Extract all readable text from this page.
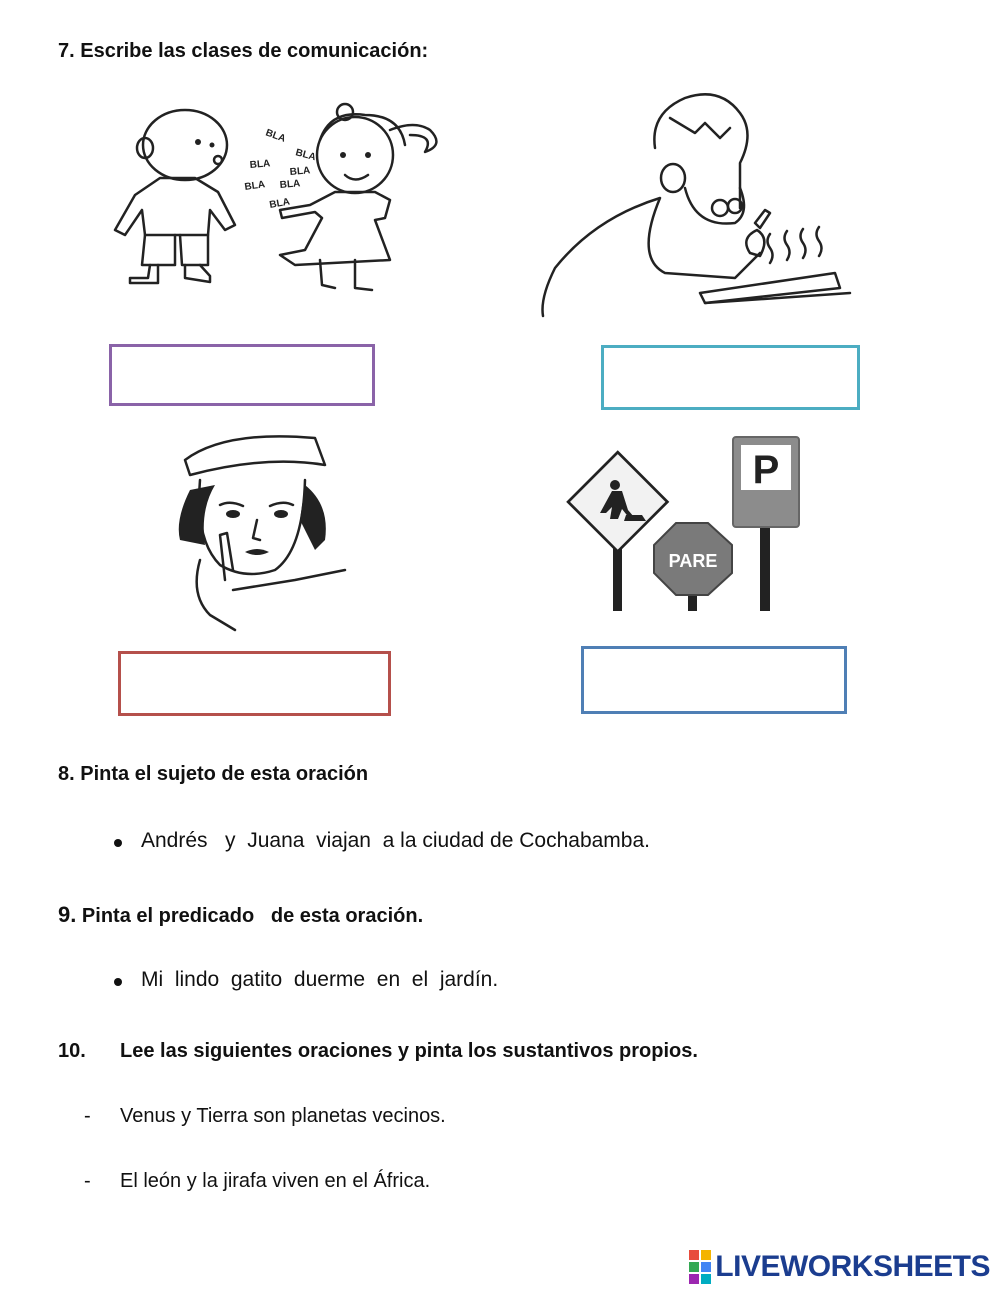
7. Escribe las clases de comunicación:
BLA
BLA
BLA
BLA
BLA BLA
BLA
PARE
P
8. Pinta el sujeto de esta oración
Andrés   y  Juana  viajan  a la ciudad de Cochabamba.
9. Pinta el predicado   de esta oración.
Mi  lindo  gatito  duerme  en  el  jardín.
10. Lee las siguientes oraciones y pinta los sustantivos propios.
- Venus y Tierra son planetas vecinos.
- El león y la jirafa viven en el África.
LIVEWORKSHEETS
